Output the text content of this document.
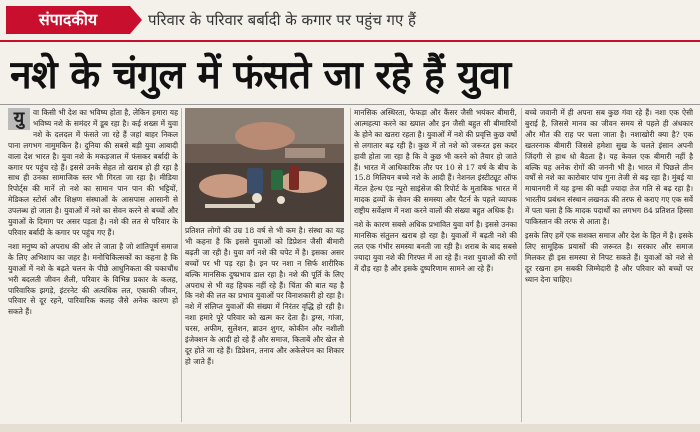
संपादकीय	परिवार के परिवार बर्बादी के कगार पर पहुंच गए हैं
नशे के चंगुल में फंसते जा रहे हैं युवा

यु	वा किसी भी देश का भविष्य होता है, लेकिन हमारा यह भविष्य नशे के समंदर में डूब रहा है। कई शख्स में युवा नशे के दलदल में फंसते जा रहे हैं जहां बाहर निकल पाना लगभग नामुमकिन है। दुनिया की सबसे बड़ी युवा आबादी वाला देश भारत है। युवा नशे के मकड़जाल में फंसकर बर्बादी के कगार पर पहुंच रहे हैं। इससे उनके सेहत तो खराब हो ही रहा है साथ ही उनका सामाजिक स्तर भी गिरता जा रहा है। मीडिया रिपोर्ट्स की मानें तो नशे का सामान पान पान की भट्टियों, मेडिकल स्टोर्स और शिक्षण संस्थाओं के आसपास आसानी से उपलब्ध हो जाता है। युवाओं में नशे का सेवन करने से बच्चों और युवाओं के दिमाग पर असर पड़ता है। नशे की लत से परिवार के परिवार बर्बादी के कगार पर पहुंच गए हैं।

नशा मनुष्य को अपराध की ओर ले जाता है जो शांतिपूर्ण समाज के लिए अभिशाप का जहर है। मनोचिकित्सकों का कहना है कि युवाओं में नशे के बढ़ते चलन के पीछे आधुनिकता की चकाचौंध भरी बदलती जीवन शैली, परिवार के विभिन्न प्रकार के कलह, पारिवारिक झगड़े, इंटरनेट की अत्यधिक लत, एकाकी जीवन, परिवार से दूर रहने, पारिवारिक कलह जैसे अनेक कारण हो सकते हैं।

प्रतिशत लोगों की उम्र 18 वर्ष से भी कम है। संस्था का यह भी कहना है कि इससे युवाओं को डिप्रेशन जैसी बीमारी बढ़ती जा रही है। युवा वर्ग नशे की चपेट में है। इसका असर बच्चों पर भी पड़ रहा है। इन पर नशा न सिर्फ शारीरिक बल्कि मानसिक दुष्प्रभाव डाल रहा है। नशे की पूर्ति के लिए अपराध से भी वह हिचक नहीं रहे हैं। चिंता की बात यह है कि नशे की लत का प्रभाव युवाओं पर विनाशकारी हो रहा है। नशे में संलिप्त युवाओं की संख्या में निरंतर वृद्धि हो रही है। नशा हमारे पूरे परिवार को खत्म कर देता है। ड्रग्स, गांजा, चरस, अफीम, सुलेशन, ब्राउन शुगर, कोकीन और नशीली इंजेक्शन के आदी हो रहे हैं और समाज, किताबें और खेल से दूर होते जा रहे हैं। डिप्रेशन, तनाव और अकेलेपन का शिकार हो जाते हैं।

मानसिक अस्थिरता, फेफड़ा और कैंसर जैसी भयंकर बीमारी, आत्महत्या करने का ख्याल और इन जैसी बहुत सी बीमारियों के होने का खतरा रहता है। युवाओं में नशे की प्रवृत्ति कुछ वर्षों से लगातार बढ़ रही है। कुछ में तो नशे को जरूरत इस कदर हावी होता जा रहा है कि वे कुछ भी करने को तैयार हो जाते हैं। भारत में आधिकारिक तौर पर 10 से 17 वर्ष के बीच के 15.8 मिलियन बच्चे नशे के आदी हैं। नेशनल इंस्टीट्यूट ऑफ मेंटल हेल्थ एंड न्यूरो साइंसेज की रिपोर्ट के मुताबिक भारत में मादक द्रव्यों के सेवन की समस्या और पैटर्न के पहले व्यापक राष्ट्रीय सर्वेक्षण में नशा करने वालों की संख्या बहुत अधिक है।

नशे के कारण सबसे अधिक प्रभावित युवा वर्ग है। इससे उनका मानसिक संतुलन खराब हो रहा है। युवाओं में बढ़ती नशे की लत एक गंभीर समस्या बनती जा रही है। शराब के बाद सबसे ज्यादा युवा नशे की गिरफ्त में आ रहे हैं। नशा युवाओं की रगों में दौड़ रहा है और इसके दुष्परिणाम सामने आ रहे हैं।

बच्चे जवानी में ही अपना सब कुछ गंवा रहे हैं। नशा एक ऐसी बुराई है, जिससे मानव का जीवन समय से पहले ही अंधकार और मौत की राह पर चला जाता है। नशाखोरी क्या है? एक खतरनाक बीमारी जिससे हमेशा सुख के चलते इंसान अपनी जिंदगी से हाथ धो बैठता है। यह केवल एक बीमारी नहीं है बल्कि यह अनेक रोगों की जननी भी है। भारत में पिछले तीन वर्षों से नशे का कारोबार पांच गुना तेजी से बढ़ रहा है। मुंबई या मायानगरी में यह ड्रग्स की कड़ी ज्यादा तेज गति से बढ़ रहा है। भारतीय प्रबंधन संस्थान लखनऊ की तरफ से कराए गए एक सर्वे में पता चला है कि मादक पदार्थों का लगभग 84 प्रतिशत हिस्सा पाकिस्तान की तरफ से आता है।

इसके लिए हमें एक सशक्त समाज और देश के हित में है। इसके लिए सामूहिक प्रयासों की जरूरत है। सरकार और समाज मिलकर ही इस समस्या से निपट सकते हैं। युवाओं को नशे से दूर रखना हम सबकी जिम्मेदारी है और परिवार को बच्चों पर ध्यान देना चाहिए।
